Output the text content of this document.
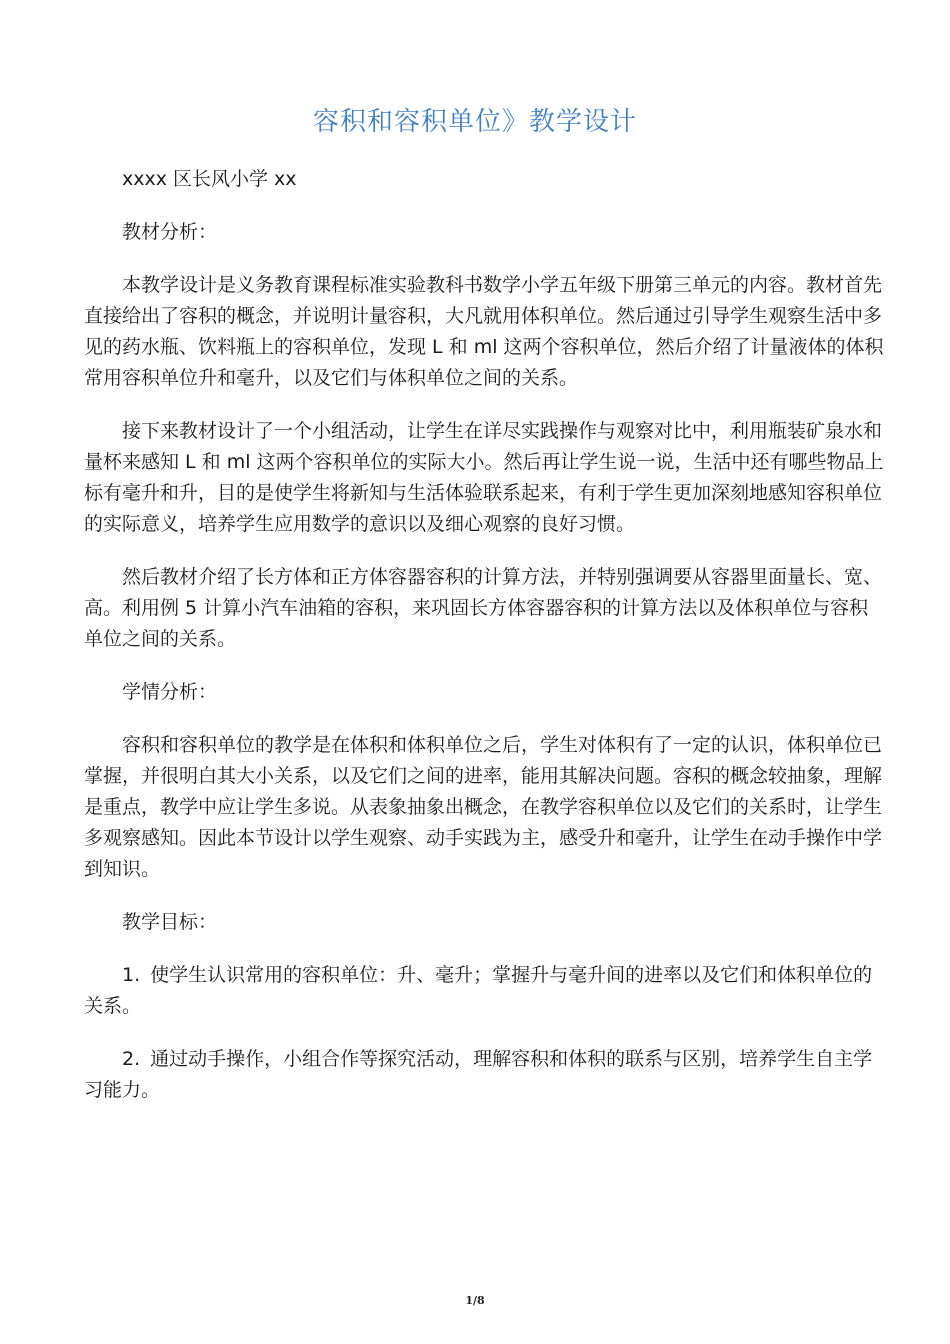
容积和容积单位》教学设计

xxxx 区长风小学 xx

教材分析：

本教学设计是义务教育课程标准实验教科书数学小学五年级下册第三单元的内容。教材首先直接给出了容积的概念，并说明计量容积，大凡就用体积单位。然后通过引导学生观察生活中多见的药水瓶、饮料瓶上的容积单位，发现 L 和 ml 这两个容积单位，然后介绍了计量液体的体积常用容积单位升和毫升，以及它们与体积单位之间的关系。

接下来教材设计了一个小组活动，让学生在详尽实践操作与观察对比中，利用瓶装矿泉水和量杯来感知 L 和 ml 这两个容积单位的实际大小。然后再让学生说一说，生活中还有哪些物品上标有毫升和升，目的是使学生将新知与生活体验联系起来，有利于学生更加深刻地感知容积单位的实际意义，培养学生应用数学的意识以及细心观察的良好习惯。

然后教材介绍了长方体和正方体容器容积的计算方法，并特别强调要从容器里面量长、宽、高。利用例 5 计算小汽车油箱的容积，来巩固长方体容器容积的计算方法以及体积单位与容积单位之间的关系。

学情分析：

容积和容积单位的教学是在体积和体积单位之后，学生对体积有了一定的认识，体积单位已掌握，并很明白其大小关系，以及它们之间的进率，能用其解决问题。容积的概念较抽象，理解是重点，教学中应让学生多说。从表象抽象出概念，在教学容积单位以及它们的关系时，让学生多观察感知。因此本节设计以学生观察、动手实践为主，感受升和毫升，让学生在动手操作中学到知识。

教学目标：

1. 使学生认识常用的容积单位：升、毫升；掌握升与毫升间的进率以及它们和体积单位的关系。

2. 通过动手操作，小组合作等探究活动，理解容积和体积的联系与区别，培养学生自主学习能力。

1/8
